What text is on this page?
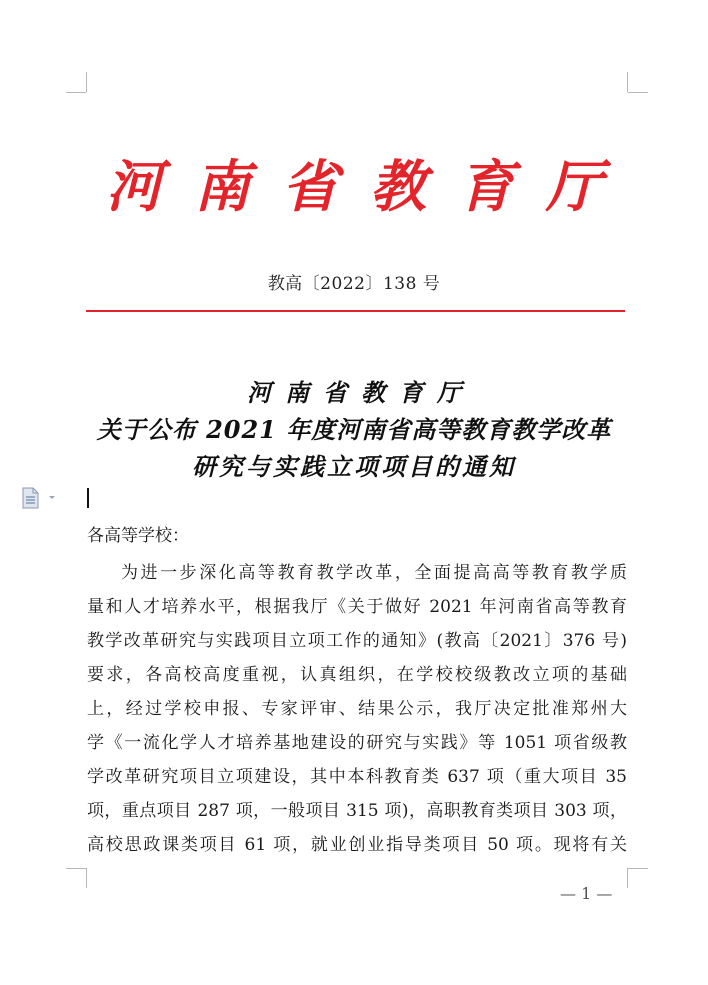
河南省教育厅
教高〔2022〕138 号
河南省教育厅
关于公布 2021 年度河南省高等教育教学改革
研究与实践立项项目的通知
各高等学校：
为进一步深化高等教育教学改革，全面提高高等教育教学质
量和人才培养水平，根据我厅《关于做好 2021 年河南省高等教育
教学改革研究与实践项目立项工作的通知》(教高〔2021〕376 号)
要求，各高校高度重视，认真组织，在学校校级教改立项的基础
上，经过学校申报、专家评审、结果公示，我厅决定批准郑州大
学《一流化学人才培养基地建设的研究与实践》等 1051 项省级教
学改革研究项目立项建设，其中本科教育类 637 项（重大项目 35
项，重点项目 287 项，一般项目 315 项)，高职教育类项目 303 项，
高校思政课类项目 61 项，就业创业指导类项目 50 项。现将有关
— 1 —
